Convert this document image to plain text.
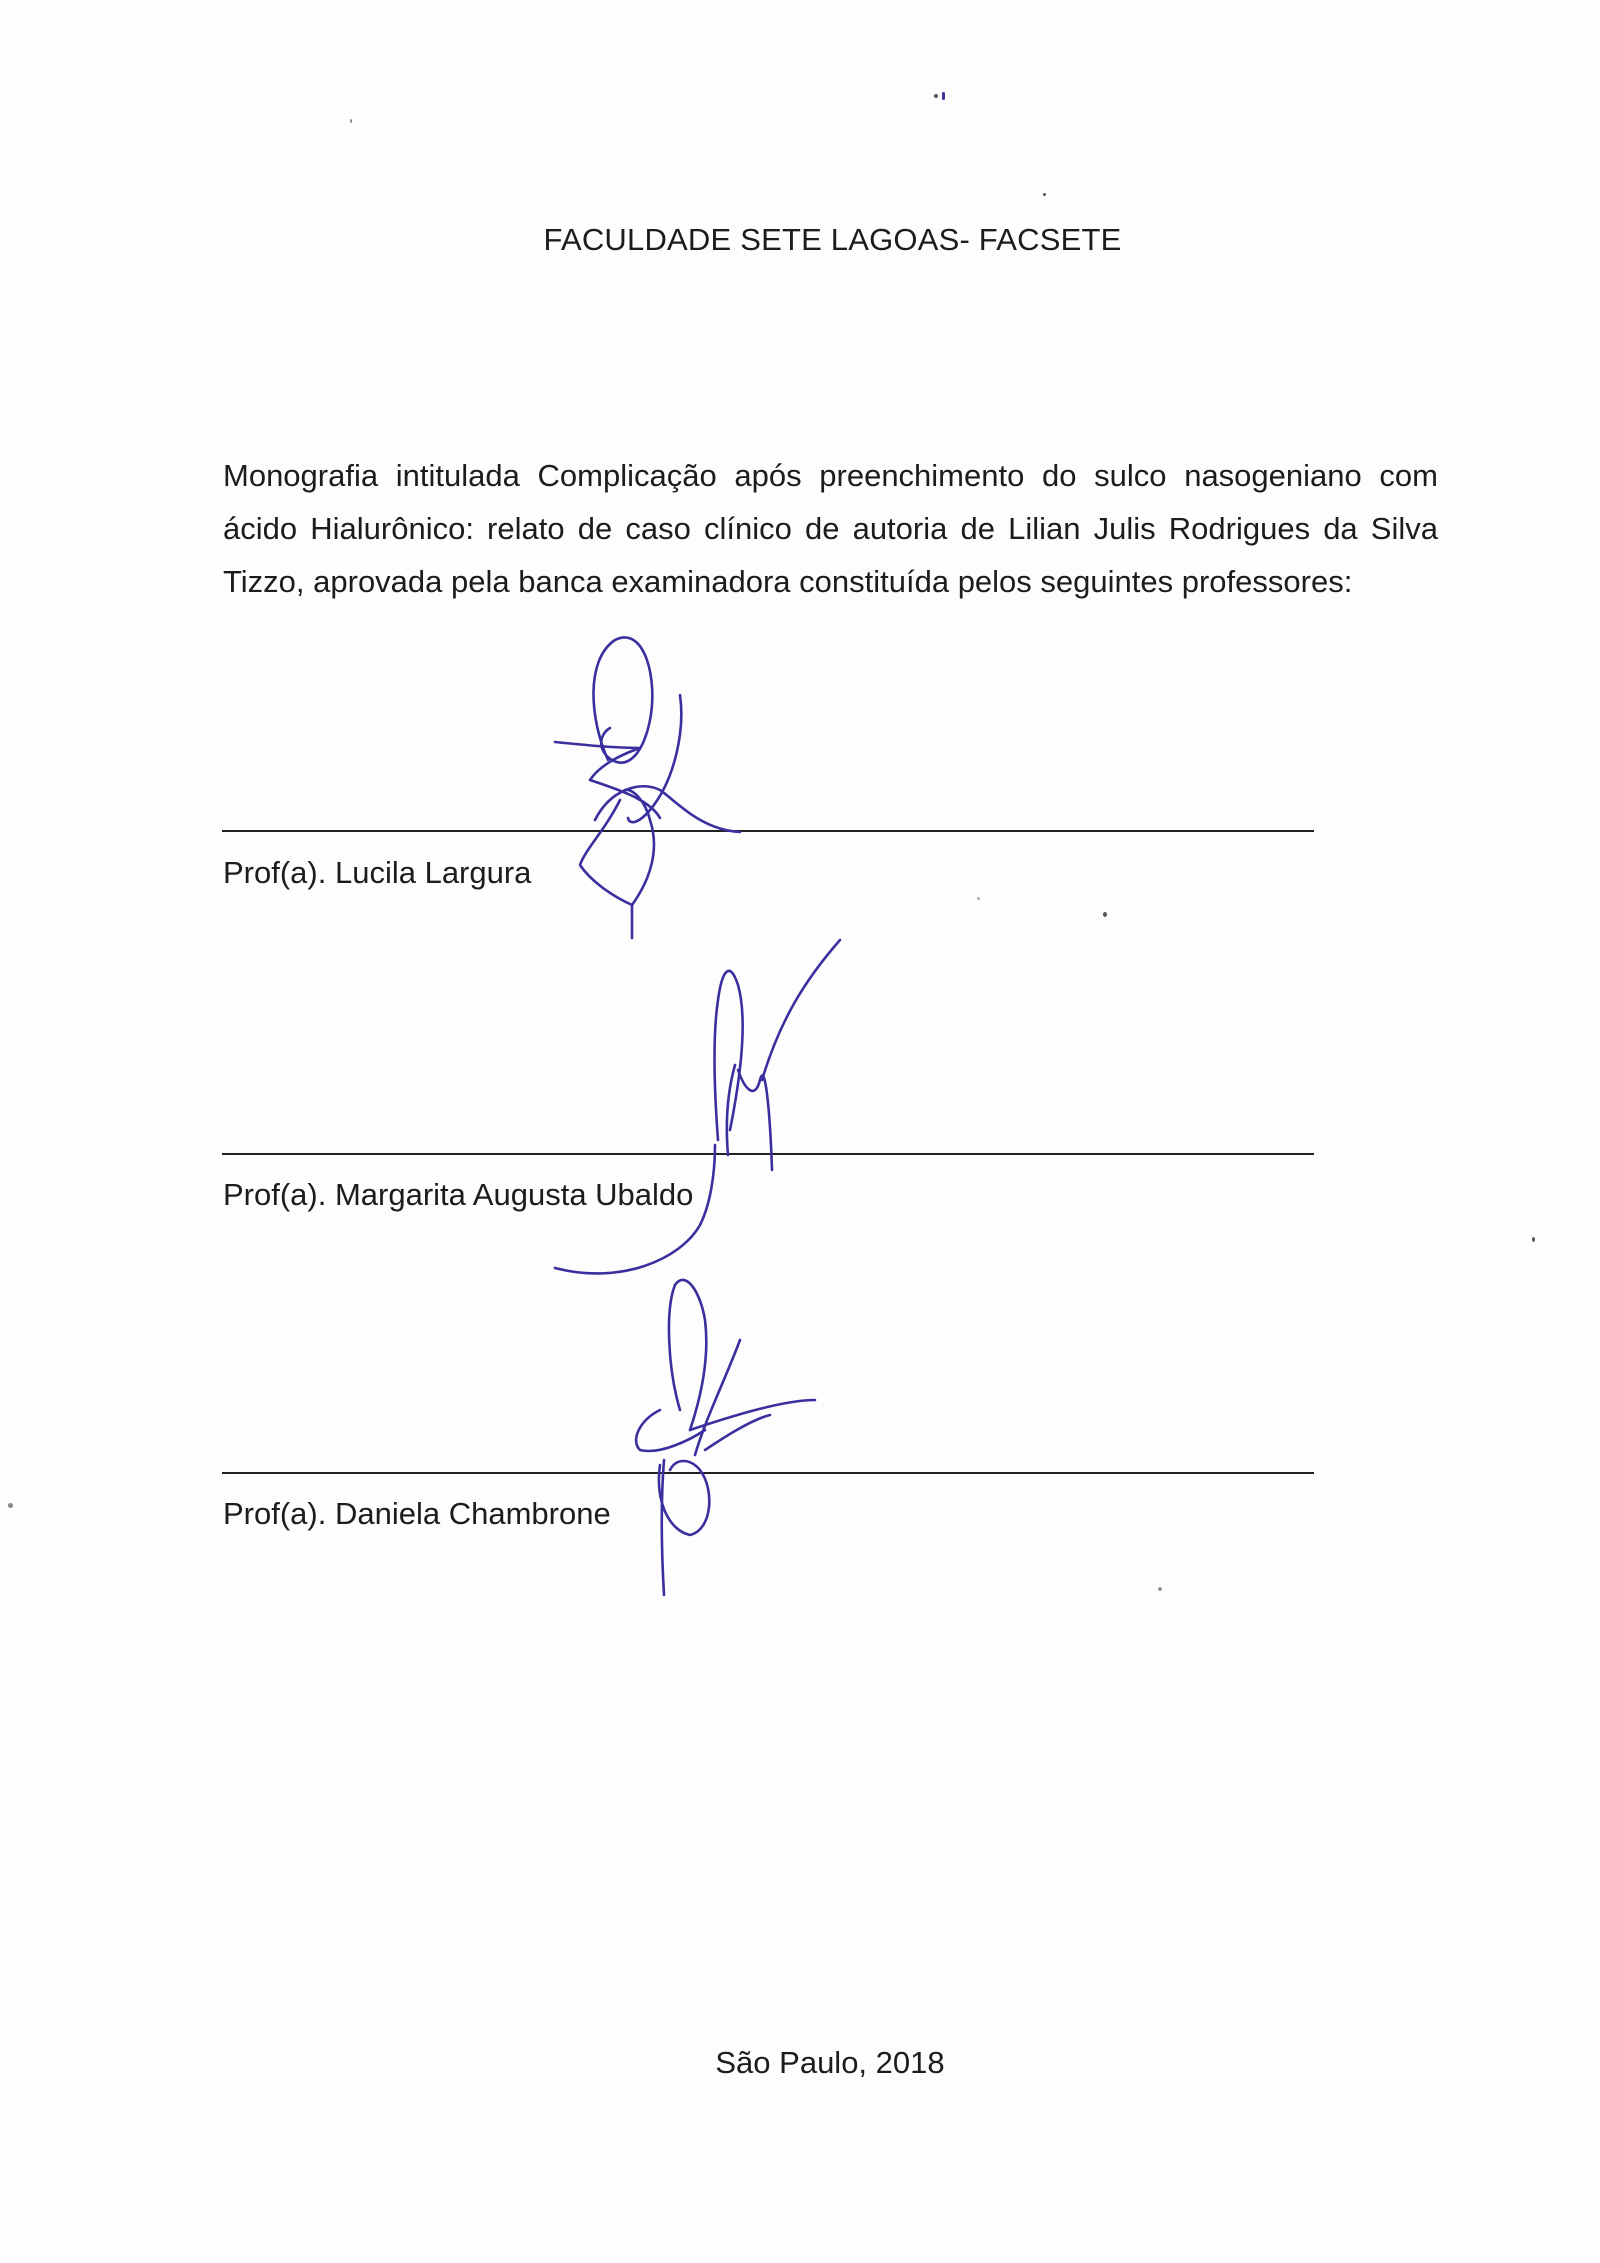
FACULDADE SETE LAGOAS- FACSETE

Monografia intitulada Complicação após preenchimento do sulco nasogeniano com ácido Hialurônico: relato de caso clínico de autoria de Lilian Julis Rodrigues da Silva Tizzo, aprovada pela banca examinadora constituída pelos seguintes professores:

Prof(a). Lucila Largura
Prof(a). Margarita Augusta Ubaldo
Prof(a). Daniela Chambrone
São Paulo, 2018
